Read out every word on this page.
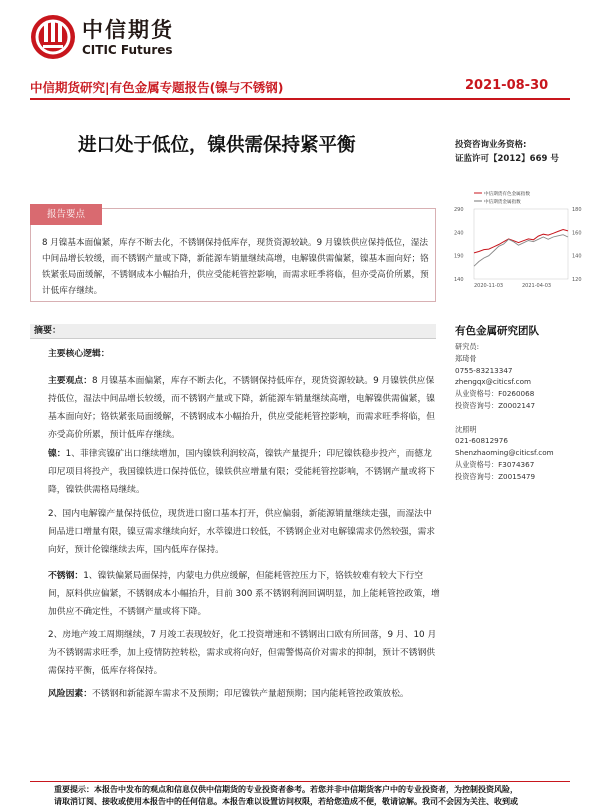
中信期货
CITIC Futures
中信期货研究|有色金属专题报告(镍与不锈钢)	2021-08-30
进口处于低位，镍供需保持紧平衡	投资咨询业务资格:
证监许可【2012】669 号
报告要点
8 月镍基本面偏紧，库存不断去化，不锈钢保持低库存，现货资源较缺。9 月镍铁供应保持低位，湿法中间品增长较缓，而不锈钢产量或下降，新能源车销量继续高增，电解镍供需偏紧，镍基本面向好；铬铁紧张局面缓解，不锈钢成本小幅抬升，供应受能耗管控影响，而需求旺季将临，但亦受高价所累，预计低库存继续。
中信期货有色金属指数
中信期货金属指数
290
240
190
140
180
160
140
120
2020-11-03	2021-04-03
摘要：
主要核心逻辑：
主要观点：8 月镍基本面偏紧，库存不断去化，不锈钢保持低库存，现货资源较缺。9 月镍铁供应保持低位，湿法中间品增长较缓，而不锈钢产量或下降，新能源车销量继续高增，电解镍供需偏紧，镍基本面向好；铬铁紧张局面缓解，不锈钢成本小幅抬升，供应受能耗管控影响，而需求旺季将临，但亦受高价所累，预计低库存继续。
镍：1、菲律宾镍矿出口继续增加，国内镍铁利润较高，镍铁产量提升；印尼镍铁稳步投产，而德龙印尼项目将投产，我国镍铁进口保持低位，镍铁供应增量有限；受能耗管控影响，不锈钢产量或将下降，镍铁供需格局继续。
2、国内电解镍产量保持低位，现货进口窗口基本打开，供应偏弱，新能源销量继续走强，而湿法中间品进口增量有限，镍豆需求继续向好，水萃镍进口较低，不锈钢企业对电解镍需求仍然较强，需求向好，预计伦镍继续去库，国内低库存保持。
不锈钢：1、镍铁偏紧局面保持，内蒙电力供应缓解，但能耗管控压力下，铬铁较难有较大下行空间，原料供应偏紧，不锈钢成本小幅抬升，目前 300 系不锈钢利润回调明显，加上能耗管控政策，增加供应不确定性，不锈钢产量或将下降。
2、房地产竣工周期继续，7 月竣工表现较好，化工投资增速和不锈钢出口欧有所回落，9 月、10 月为不锈钢需求旺季，加上疫情防控转松，需求或将向好，但需警惕高价对需求的抑制，预计不锈钢供需保持平衡，低库存将保持。
风险因素：不锈钢和新能源车需求不及预期；印尼镍铁产量超预期；国内能耗管控政策放松。
有色金属研究团队
研究员:
郑琦骨
0755-83213347
zhengqx@citicsf.com
从业资格号：F0260068
投资咨询号：Z0002147
沈照明
021-60812976
Shenzhaoming@citicsf.com
从业资格号：F3074367
投资咨询号：Z0015479
重要提示：本报告中发布的观点和信息仅供中信期货的专业投资者参考。若您并非中信期货客户中的专业投资者，为控制投资风险，
请取消订阅、接收或使用本报告中的任何信息。本报告难以设置访问权限，若给您造成不便，敬请谅解。我司不会因为关注、收到或
